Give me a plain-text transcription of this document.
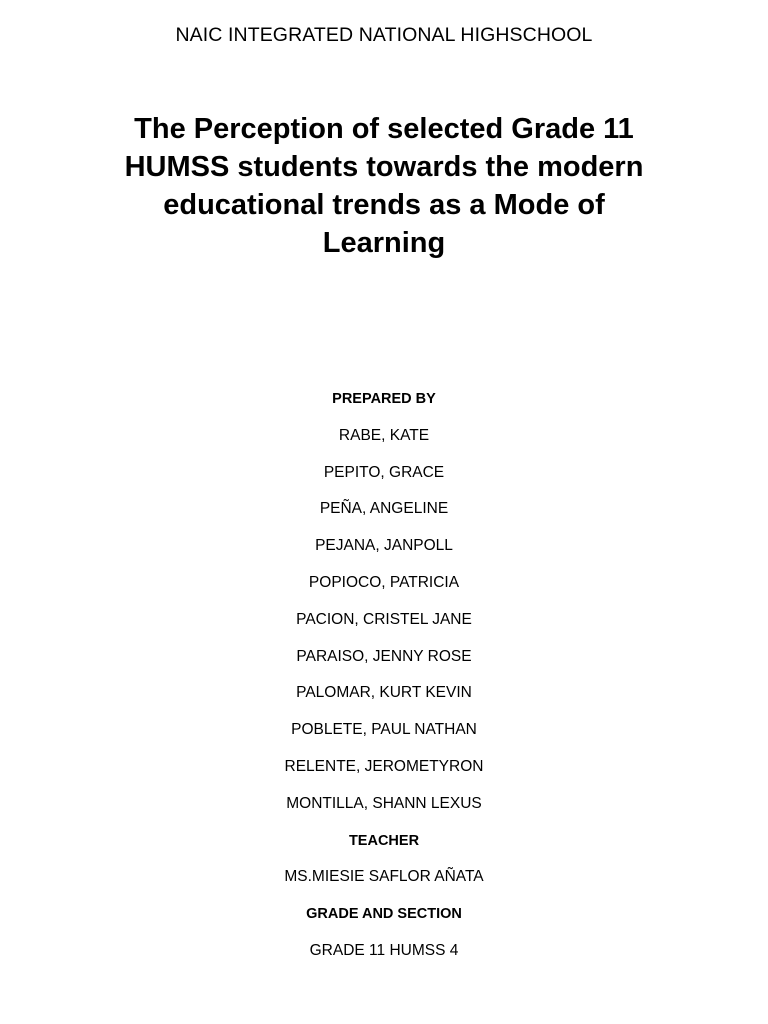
NAIC INTEGRATED NATIONAL HIGHSCHOOL
The Perception of selected Grade 11 HUMSS students towards the modern educational trends as a Mode of Learning
PREPARED BY
RABE, KATE
PEPITO, GRACE
PEÑA, ANGELINE
PEJANA, JANPOLL
POPIOCO, PATRICIA
PACION, CRISTEL JANE
PARAISO, JENNY ROSE
PALOMAR, KURT KEVIN
POBLETE, PAUL NATHAN
RELENTE, JEROMETYRON
MONTILLA, SHANN LEXUS
TEACHER
MS.MIESIE SAFLOR AÑATA
GRADE AND SECTION
GRADE 11 HUMSS 4
